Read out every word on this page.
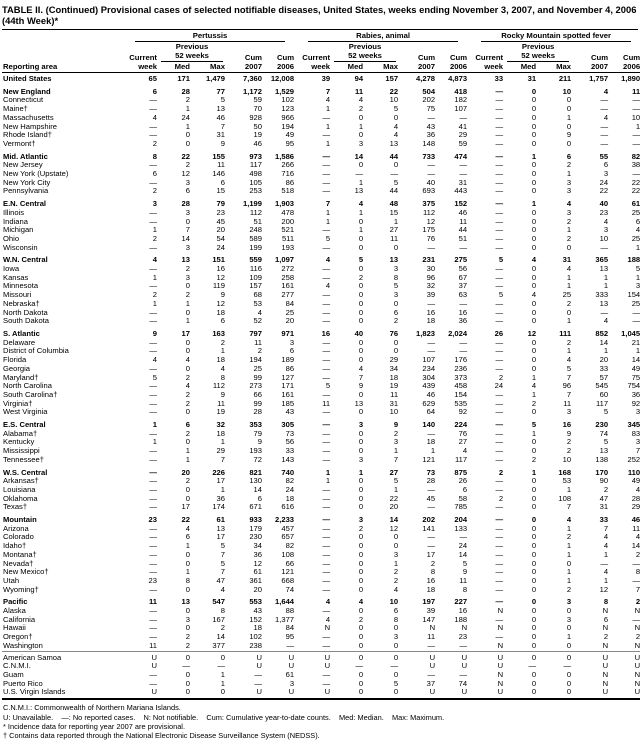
TABLE II. (Continued) Provisional cases of selected notifiable diseases, United States, weeks ending November 3, 2007, and November 4, 2006 (44th Week)*

	Pertussis					Rabies, animal					Rocky Mountain spotted fever				

		Previous					Previous					Previous			
	Current	52 weeks		Cum	Cum	Current	52 weeks		Cum	Cum	Current	52 weeks		Cum	Cum
Reporting area	week	Med	Max	2007	2006	week	Med	Max	2007	2006	week	Med	Max	2007	2006
United States	65	171	1,479	7,360	12,008	39	94	157	4,278	4,873	33	31	211	1,757	1,890
New England	6	28	77	1,172	1,529	7	11	22	504	418	—	0	10	4	11
Connecticut	—	2	5	59	102	4	4	10	202	182	—	0	0	—	—
Maine†	—	1	13	70	123	1	2	5	75	107	—	0	0	—	—
Massachusetts	4	24	46	928	966	—	0	0	—	—	—	0	1	4	10
New Hampshire	—	1	7	50	194	1	1	4	43	41	—	0	0	—	1
Rhode Island†	—	0	31	19	49	—	0	4	36	29	—	0	9	—	—
Vermont†	2	0	9	46	95	1	3	13	148	59	—	0	0	—	—
Mid. Atlantic	8	22	155	973	1,586	—	14	44	733	474	—	1	6	55	82
New Jersey	—	2	11	117	266	—	0	0	—	—	—	0	2	6	38
New York (Upstate)	6	12	146	498	716	—	—	—	—	—	—	0	1	3	—
New York City	—	3	6	105	86	—	1	5	40	31	—	0	3	24	22
Pennsylvania	2	6	15	253	518	—	13	44	693	443	—	0	3	22	22
E.N. Central	3	28	79	1,199	1,903	7	4	48	375	152	—	1	4	40	61
Illinois	—	3	23	112	478	1	1	15	112	46	—	0	3	23	25
Indiana	—	0	45	51	200	1	0	1	12	11	—	0	2	4	6
Michigan	1	7	20	248	521	—	1	27	175	44	—	0	1	3	4
Ohio	2	14	54	589	511	5	0	11	76	51	—	0	2	10	25
Wisconsin	—	3	24	199	193	—	0	0	—	—	—	0	0	—	1
W.N. Central	4	13	151	559	1,097	4	5	13	231	275	5	4	31	365	188
Iowa	—	2	16	116	272	—	0	3	30	56	—	0	4	13	5
Kansas	1	3	12	109	258	—	2	8	96	67	—	0	1	1	1
Minnesota	—	0	119	157	161	4	0	5	32	37	—	0	1	1	3
Missouri	2	2	9	68	277	—	0	3	39	63	5	4	25	333	154
Nebraska†	1	1	12	53	84	—	0	0	—	—	—	0	2	13	25
North Dakota	—	0	18	4	25	—	0	6	16	16	—	0	0	—	—
South Dakota	—	1	6	52	20	—	0	2	18	36	—	0	1	4	—
S. Atlantic	9	17	163	797	971	16	40	76	1,823	2,024	26	12	111	852	1,045
Delaware	—	0	2	11	3	—	0	0	—	—	—	0	2	14	21
District of Columbia	—	0	1	2	6	—	0	0	—	—	—	0	1	1	1
Florida	4	4	18	194	189	—	0	29	107	176	—	0	4	20	14
Georgia	—	0	4	25	86	—	4	34	234	236	—	0	5	33	49
Maryland†	5	2	8	99	127	—	7	18	304	373	2	1	7	57	75
North Carolina	—	4	112	273	171	5	9	19	439	458	24	4	96	545	754
South Carolina†	—	2	9	66	161	—	0	11	46	154	—	1	7	60	36
Virginia†	—	2	11	99	185	11	13	31	629	535	—	2	11	117	92
West Virginia	—	0	19	28	43	—	0	10	64	92	—	0	3	5	3
E.S. Central	1	6	32	353	305	—	3	9	140	224	—	5	16	230	345
Alabama†	—	2	18	79	73	—	0	2	—	76	—	1	9	74	83
Kentucky	1	0	1	9	56	—	0	3	18	27	—	0	2	5	3
Mississippi	—	1	29	193	33	—	0	1	1	4	—	0	2	13	7
Tennessee†	—	1	7	72	143	—	3	7	121	117	—	2	10	138	252
W.S. Central	—	20	226	821	740	1	1	27	73	875	2	1	168	170	110
Arkansas†	—	2	17	130	82	1	0	5	28	26	—	0	53	90	49
Louisiana	—	0	1	14	24	—	0	1	—	6	—	0	1	2	4
Oklahoma	—	0	36	6	18	—	0	22	45	58	2	0	108	47	28
Texas†	—	17	174	671	616	—	0	20	—	785	—	0	7	31	29
Mountain	23	22	61	933	2,233	—	3	14	202	204	—	0	4	33	46
Arizona	—	4	13	179	457	—	2	12	141	133	—	0	1	7	11
Colorado	—	6	17	230	657	—	0	0	—	—	—	0	2	4	4
Idaho†	—	1	5	34	82	—	0	0	—	24	—	0	1	4	14
Montana†	—	0	7	36	108	—	0	3	17	14	—	0	1	1	2
Nevada†	—	0	5	12	66	—	0	1	2	5	—	0	0	—	—
New Mexico†	—	1	7	61	121	—	0	2	8	9	—	0	1	4	8
Utah	23	8	47	361	668	—	0	2	16	11	—	0	1	1	—
Wyoming†	—	0	4	20	74	—	0	4	18	8	—	0	2	12	7
Pacific	11	13	547	553	1,644	4	4	10	197	227	—	0	3	8	2
Alaska	—	0	8	43	88	—	0	6	39	16	N	0	0	N	N
California	—	3	167	152	1,377	4	2	8	147	188	—	0	3	6	—
Hawaii	—	0	2	18	84	N	0	0	N	N	N	0	0	N	N
Oregon†	—	2	14	102	95	—	0	3	11	23	—	0	1	2	2
Washington	11	2	377	238	—	—	0	0	—	—	N	0	0	N	N
American Samoa	U	0	0	U	U	U	0	0	U	U	U	0	0	U	U
C.N.M.I.	U	—	—	U	U	U	—	—	U	U	U	—	—	U	U
Guam	—	0	1	—	61	—	0	0	—	—	N	0	0	N	N
Puerto Rico	—	0	1	—	3	—	0	5	37	74	N	0	0	N	N
U.S. Virgin Islands	U	0	0	U	U	U	0	0	U	U	U	0	0	U	U
C.N.M.I.: Commonwealth of Northern Mariana Islands.
U: Unavailable.    —: No reported cases.    N: Not notifiable.    Cum: Cumulative year-to-date counts.    Med: Median.    Max: Maximum.
* Incidence data for reporting year 2007 are provisional.
† Contains data reported through the National Electronic Disease Surveillance System (NEDSS).
